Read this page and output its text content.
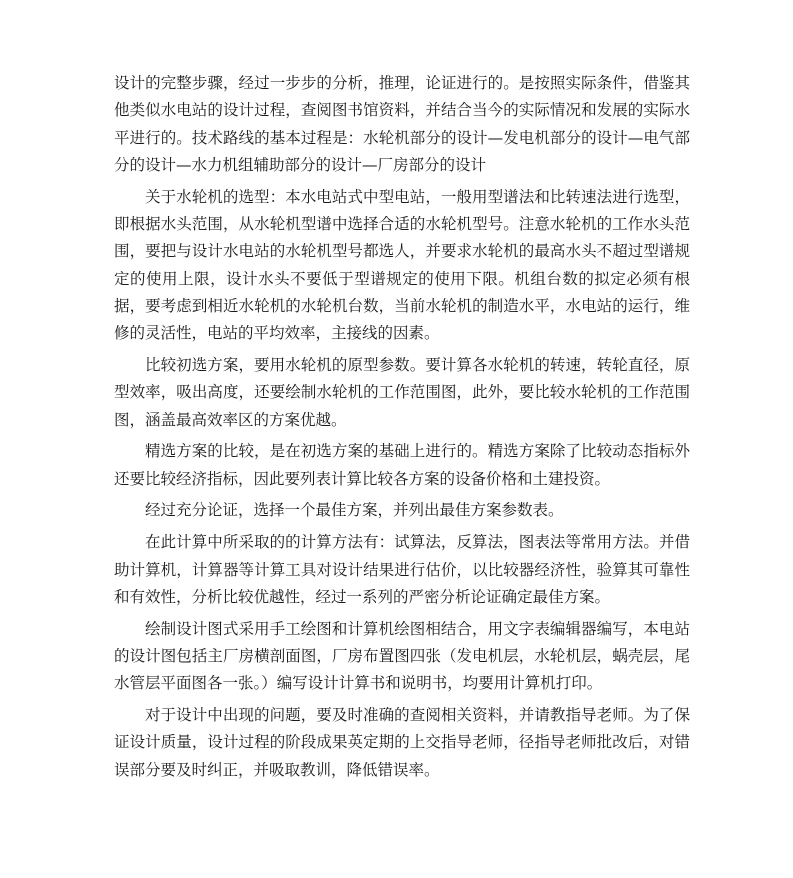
设计的完整步骤，经过一步步的分析，推理，论证进行的。是按照实际条件，借鉴其他类似水电站的设计过程，查阅图书馆资料，并结合当今的实际情况和发展的实际水平进行的。技术路线的基本过程是：水轮机部分的设计—发电机部分的设计—电气部分的设计—水力机组辅助部分的设计—厂房部分的设计

关于水轮机的选型：本水电站式中型电站，一般用型谱法和比转速法进行选型，即根据水头范围，从水轮机型谱中选择合适的水轮机型号。注意水轮机的工作水头范围，要把与设计水电站的水轮机型号都选人，并要求水轮机的最高水头不超过型谱规定的使用上限，设计水头不要低于型谱规定的使用下限。机组台数的拟定必须有根据，要考虑到相近水轮机的水轮机台数，当前水轮机的制造水平，水电站的运行，维修的灵活性，电站的平均效率，主接线的因素。

比较初选方案，要用水轮机的原型参数。要计算各水轮机的转速，转轮直径，原型效率，吸出高度，还要绘制水轮机的工作范围图，此外，要比较水轮机的工作范围图，涵盖最高效率区的方案优越。

精选方案的比较，是在初选方案的基础上进行的。精选方案除了比较动态指标外还要比较经济指标，因此要列表计算比较各方案的设备价格和土建投资。

经过充分论证，选择一个最佳方案，并列出最佳方案参数表。

在此计算中所采取的的计算方法有：试算法，反算法，图表法等常用方法。并借助计算机，计算器等计算工具对设计结果进行估价，以比较器经济性，验算其可靠性和有效性，分析比较优越性，经过一系列的严密分析论证确定最佳方案。

绘制设计图式采用手工绘图和计算机绘图相结合，用文字表编辑器编写，本电站的设计图包括主厂房横剖面图，厂房布置图四张（发电机层，水轮机层，蜗壳层，尾水管层平面图各一张。）编写设计计算书和说明书，均要用计算机打印。

对于设计中出现的问题，要及时准确的查阅相关资料，并请教指导老师。为了保证设计质量，设计过程的阶段成果英定期的上交指导老师，径指导老师批改后，对错误部分要及时纠正，并吸取教训，降低错误率。
